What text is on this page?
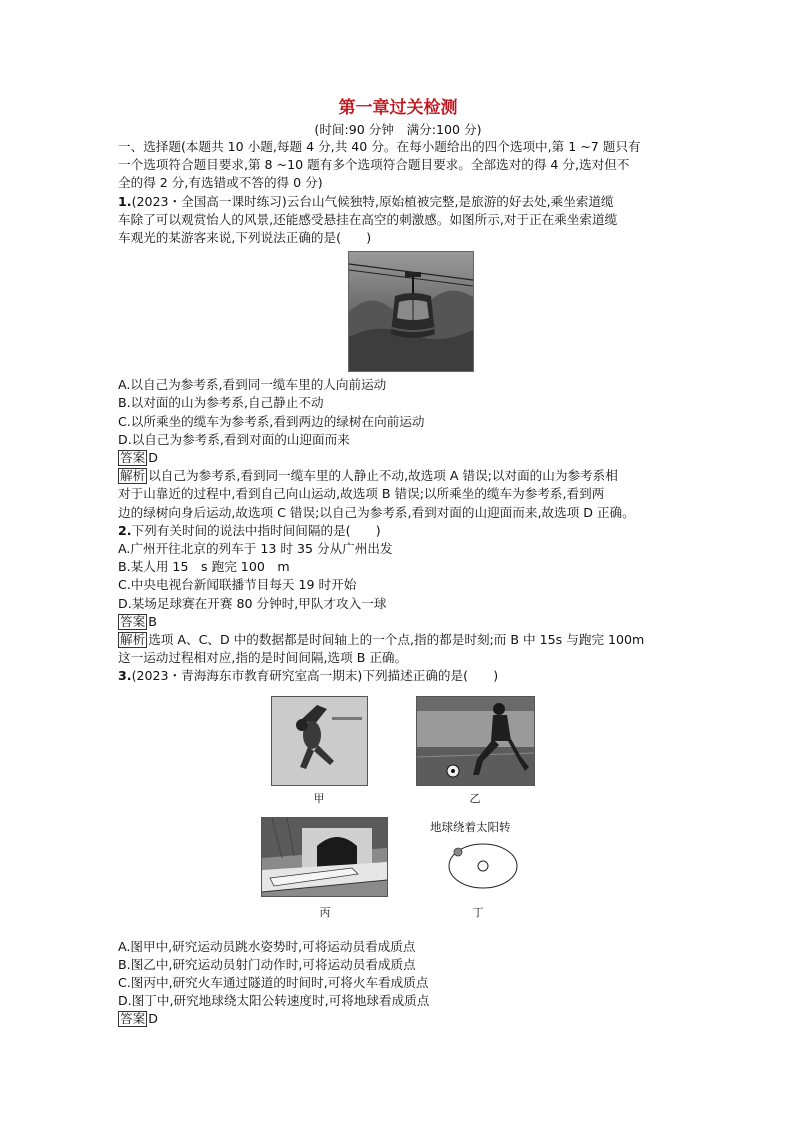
第一章过关检测
(时间:90 分钟　满分:100 分)

一、选择题(本题共 10 小题,每题 4 分,共 40 分。在每小题给出的四个选项中,第 1 ~7 题只有

一个选项符合题目要求,第 8 ~10 题有多个选项符合题目要求。全部选对的得 4 分,选对但不

全的得 2 分,有选错或不答的得 0 分)

1.(2023・全国高一课时练习)云台山气候独特,原始植被完整,是旅游的好去处,乘坐索道缆

车除了可以观赏怡人的风景,还能感受悬挂在高空的刺激感。如图所示,对于正在乘坐索道缆

车观光的某游客来说,下列说法正确的是(　　)

A.以自己为参考系,看到同一缆车里的人向前运动

B.以对面的山为参考系,自己静止不动

C.以所乘坐的缆车为参考系,看到两边的绿树在向前运动

D.以自己为参考系,看到对面的山迎面而来

答案 D

解析 以自己为参考系,看到同一缆车里的人静止不动,故选项 A 错误;以对面的山为参考系相

对于山靠近的过程中,看到自己向山运动,故选项 B 错误;以所乘坐的缆车为参考系,看到两

边的绿树向身后运动,故选项 C 错误;以自己为参考系,看到对面的山迎面而来,故选项 D 正确。

2.下列有关时间的说法中指时间间隔的是(　　)

A.广州开往北京的列车于 13 时 35 分从广州出发

B.某人用 15　s 跑完 100　m

C.中央电视台新闻联播节目每天 19 时开始

D.某场足球赛在开赛 80 分钟时,甲队才攻入一球

答案 B

解析 选项 A、C、D 中的数据都是时间轴上的一个点,指的都是时刻;而 B 中 15s 与跑完 100m

这一运动过程相对应,指的是时间间隔,选项 B 正确。

3.(2023・青海海东市教育研究室高一期末)下列描述正确的是(　　)

甲	乙
地球绕着太阳转
丙	丁

A.图甲中,研究运动员跳水姿势时,可将运动员看成质点

B.图乙中,研究运动员射门动作时,可将运动员看成质点

C.图丙中,研究火车通过隧道的时间时,可将火车看成质点

D.图丁中,研究地球绕太阳公转速度时,可将地球看成质点

答案 D
